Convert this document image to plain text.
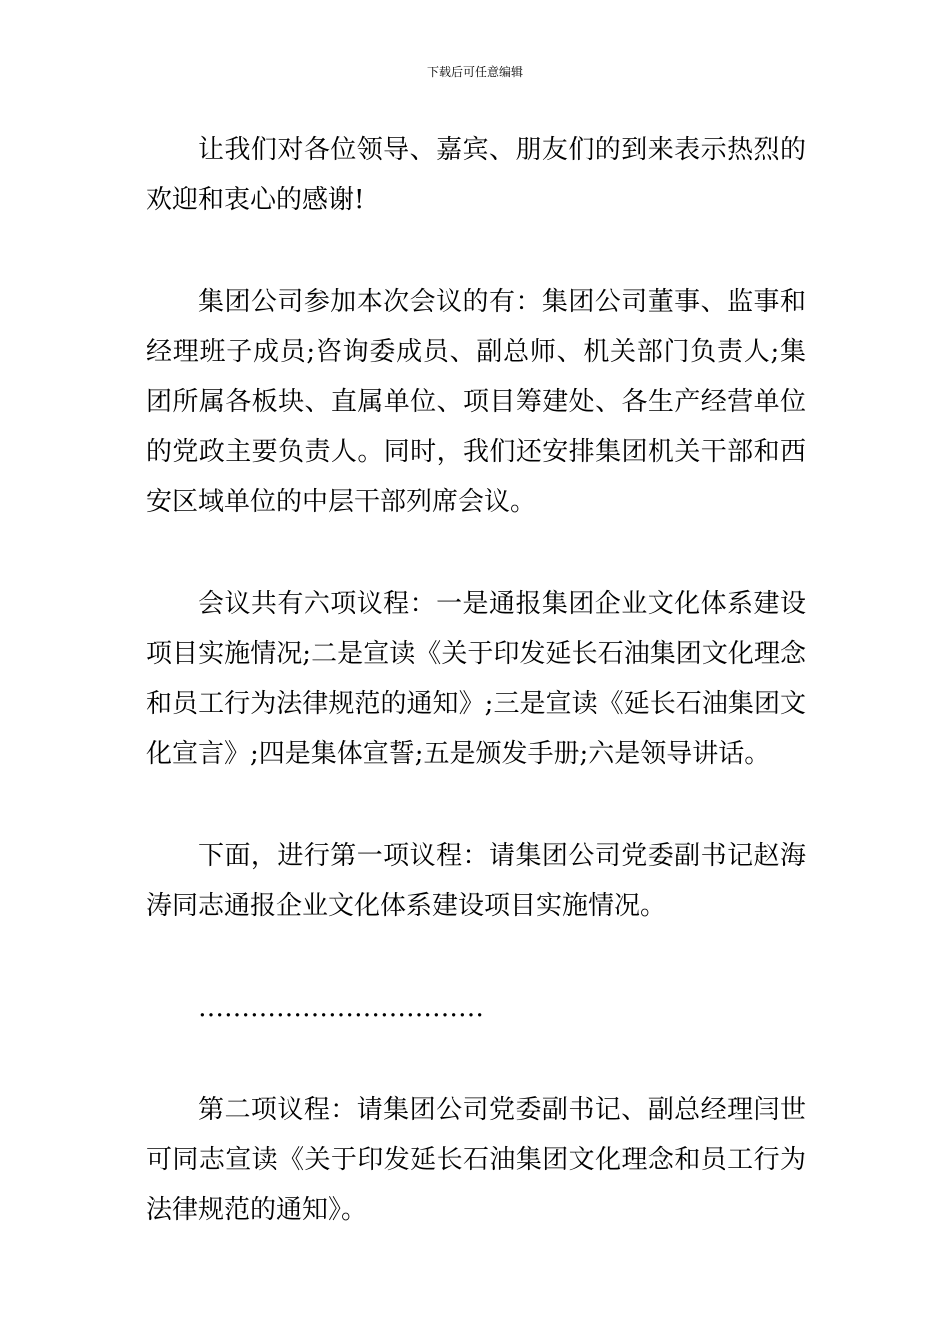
下载后可任意编辑

让我们对各位领导、嘉宾、朋友们的到来表示热烈的欢迎和衷心的感谢!

集团公司参加本次会议的有：集团公司董事、监事和经理班子成员;咨询委成员、副总师、机关部门负责人;集团所属各板块、直属单位、项目筹建处、各生产经营单位的党政主要负责人。同时，我们还安排集团机关干部和西安区域单位的中层干部列席会议。

会议共有六项议程：一是通报集团企业文化体系建设项目实施情况;二是宣读《关于印发延长石油集团文化理念和员工行为法律规范的通知》;三是宣读《延长石油集团文化宣言》;四是集体宣誓;五是颁发手册;六是领导讲话。

下面，进行第一项议程：请集团公司党委副书记赵海涛同志通报企业文化体系建设项目实施情况。

……………………………

第二项议程：请集团公司党委副书记、副总经理闫世可同志宣读《关于印发延长石油集团文化理念和员工行为法律规范的通知》。
